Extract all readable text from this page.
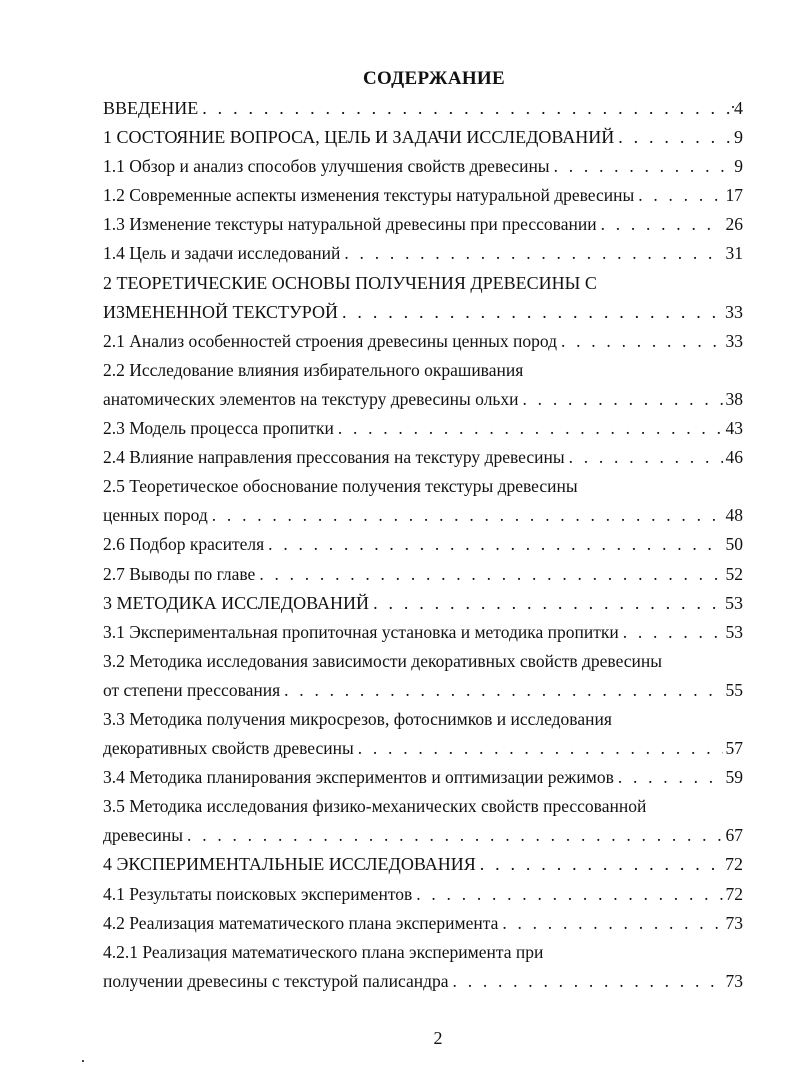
СОДЕРЖАНИЕ
ВВЕДЕНИЕ . . .	4
1 СОСТОЯНИЕ ВОПРОСА, ЦЕЛЬ И ЗАДАЧИ ИССЛЕДОВАНИЙ . . .	9
1.1 Обзор и анализ способов улучшения свойств древесины . . .	9
1.2 Современные аспекты изменения текстуры натуральной древесины . . .	17
1.3 Изменение текстуры натуральной древесины при прессовании . . .	26
1.4 Цель и задачи исследований . . .	31
2 ТЕОРЕТИЧЕСКИЕ ОСНОВЫ ПОЛУЧЕНИЯ ДРЕВЕСИНЫ С
ИЗМЕНЕННОЙ ТЕКСТУРОЙ . . .	33
2.1 Анализ особенностей строения древесины ценных пород . . .	33
2.2 Исследование влияния избирательного окрашивания
анатомических элементов на текстуру древесины ольхи . . .	38
2.3 Модель процесса пропитки . . .	43
2.4 Влияние направления прессования на текстуру древесины . . .	46
2.5 Теоретическое обоснование получения текстуры древесины
ценных пород . . .	48
2.6 Подбор красителя . . .	50
2.7 Выводы по главе . . .	52
3 МЕТОДИКА ИССЛЕДОВАНИЙ . . .	53
3.1 Экспериментальная пропиточная установка и методика пропитки . . .	53
3.2 Методика исследования зависимости декоративных свойств древесины
от степени прессования . . .	55
3.3 Методика получения микросрезов, фотоснимков и исследования
декоративных свойств древесины . . .	57
3.4 Методика планирования экспериментов и оптимизации режимов . . .	59
3.5 Методика исследования физико-механических свойств прессованной
древесины . . .	67
4 ЭКСПЕРИМЕНТАЛЬНЫЕ ИССЛЕДОВАНИЯ . . .	72
4.1 Результаты поисковых экспериментов . . .	72
4.2 Реализация математического плана эксперимента . . .	73
4.2.1 Реализация математического плана эксперимента при
получении древесины с текстурой палисандра . . .	73
2
